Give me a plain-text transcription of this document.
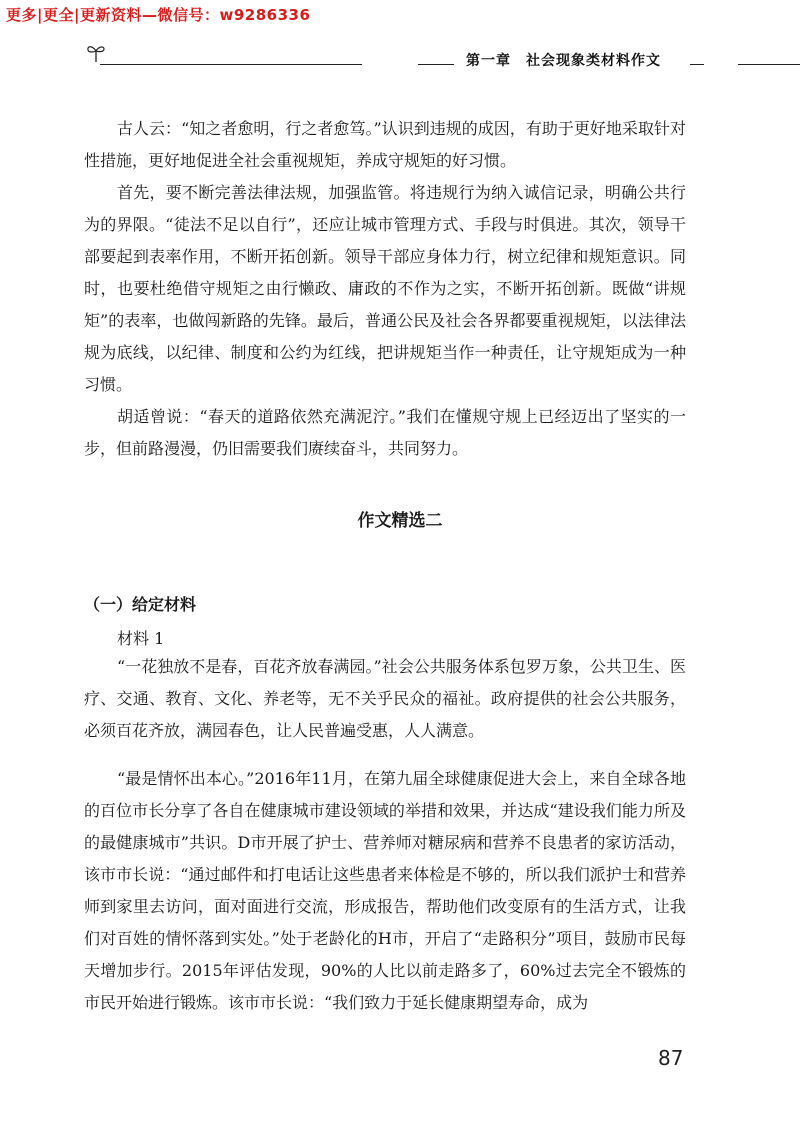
更多|更全|更新资料—微信号：w9286336
第一章　社会现象类材料作文

古人云：“知之者愈明，行之者愈笃。”认识到违规的成因，有助于更好地采取针对性措施，更好地促进全社会重视规矩，养成守规矩的好习惯。

首先，要不断完善法律法规，加强监管。将违规行为纳入诚信记录，明确公共行为的界限。“徒法不足以自行”，还应让城市管理方式、手段与时俱进。其次，领导干部要起到表率作用，不断开拓创新。领导干部应身体力行，树立纪律和规矩意识。同时，也要杜绝借守规矩之由行懒政、庸政的不作为之实，不断开拓创新。既做“讲规矩”的表率，也做闯新路的先锋。最后，普通公民及社会各界都要重视规矩，以法律法规为底线，以纪律、制度和公约为红线，把讲规矩当作一种责任，让守规矩成为一种习惯。

胡适曾说：“春天的道路依然充满泥泞。”我们在懂规守规上已经迈出了坚实的一步，但前路漫漫，仍旧需要我们赓续奋斗，共同努力。

作文精选二
（一）给定材料
材料 1

“一花独放不是春，百花齐放春满园。”社会公共服务体系包罗万象，公共卫生、医疗、交通、教育、文化、养老等，无不关乎民众的福祉。政府提供的社会公共服务，必须百花齐放，满园春色，让人民普遍受惠，人人满意。

“最是情怀出本心。”2016年11月，在第九届全球健康促进大会上，来自全球各地的百位市长分享了各自在健康城市建设领域的举措和效果，并达成“建设我们能力所及的最健康城市”共识。D市开展了护士、营养师对糖尿病和营养不良患者的家访活动，该市市长说：“通过邮件和打电话让这些患者来体检是不够的，所以我们派护士和营养师到家里去访问，面对面进行交流，形成报告，帮助他们改变原有的生活方式，让我们对百姓的情怀落到实处。”处于老龄化的H市，开启了“走路积分”项目，鼓励市民每天增加步行。2015年评估发现，90%的人比以前走路多了，60%过去完全不锻炼的市民开始进行锻炼。该市市长说：“我们致力于延长健康期望寿命，成为

87
